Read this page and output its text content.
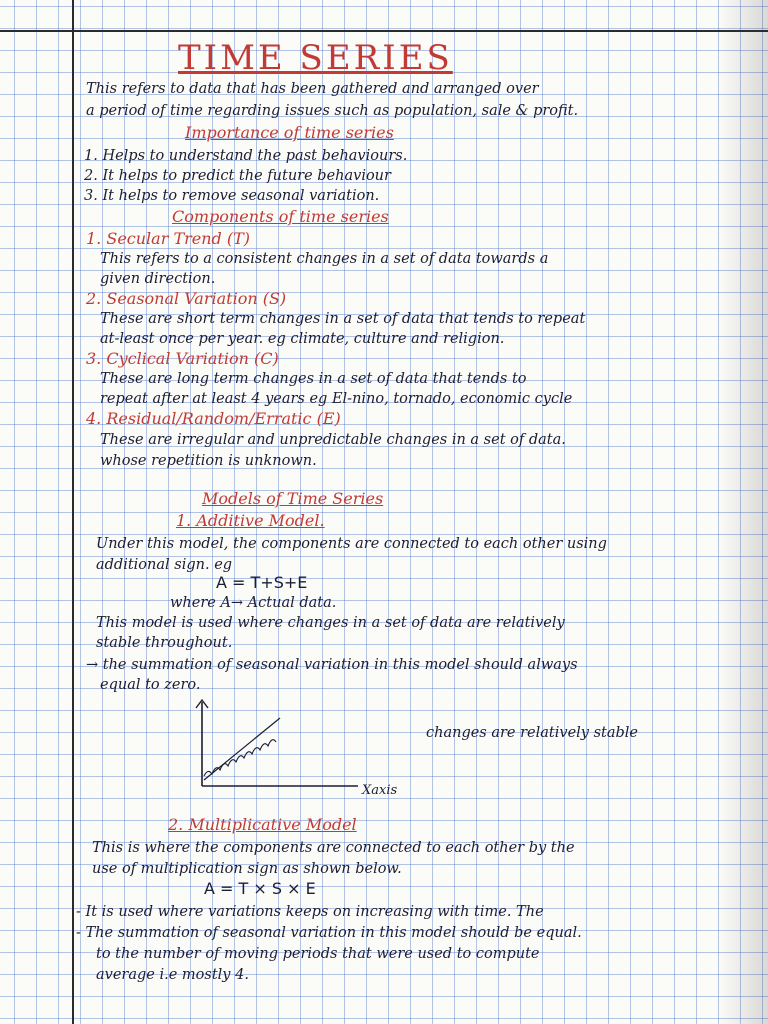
TIME SERIES
This refers to data that has been gathered and arranged over
a period of time regarding issues such as population, sale & profit.
Importance of time series
1. Helps to understand the past behaviours.
2. It helps to predict the future behaviour
3. It helps to remove seasonal variation.
Components of time series
1. Secular Trend (T)
This refers to a consistent changes in a set of data towards a
given direction.
2. Seasonal Variation (S)
These are short term changes in a set of data that tends to repeat
at-least once per year. eg climate, culture and religion.
3. Cyclical Variation (C)
These are long term changes in a set of data that tends to
repeat after at least 4 years eg El-nino, tornado, economic cycle
4. Residual/Random/Erratic (E)
These are irregular and unpredictable changes in a set of data.
whose repetition is unknown.
Models of Time Series
1. Additive Model.
Under this model, the components are connected to each other using
additional sign. eg
A = T+S+E
where A→ Actual data.
This model is used where changes in a set of data are relatively
stable throughout.
→ the summation of seasonal variation in this model should always
equal to zero.
changes are relatively stable
Xaxis
2. Multiplicative Model
This is where the components are connected to each other by the
use of multiplication sign as shown below.
A = T × S × E
- It is used where variations keeps on increasing with time. The
- The summation of seasonal variation in this model should be equal.
to the number of moving periods that were used to compute
average i.e mostly 4.
